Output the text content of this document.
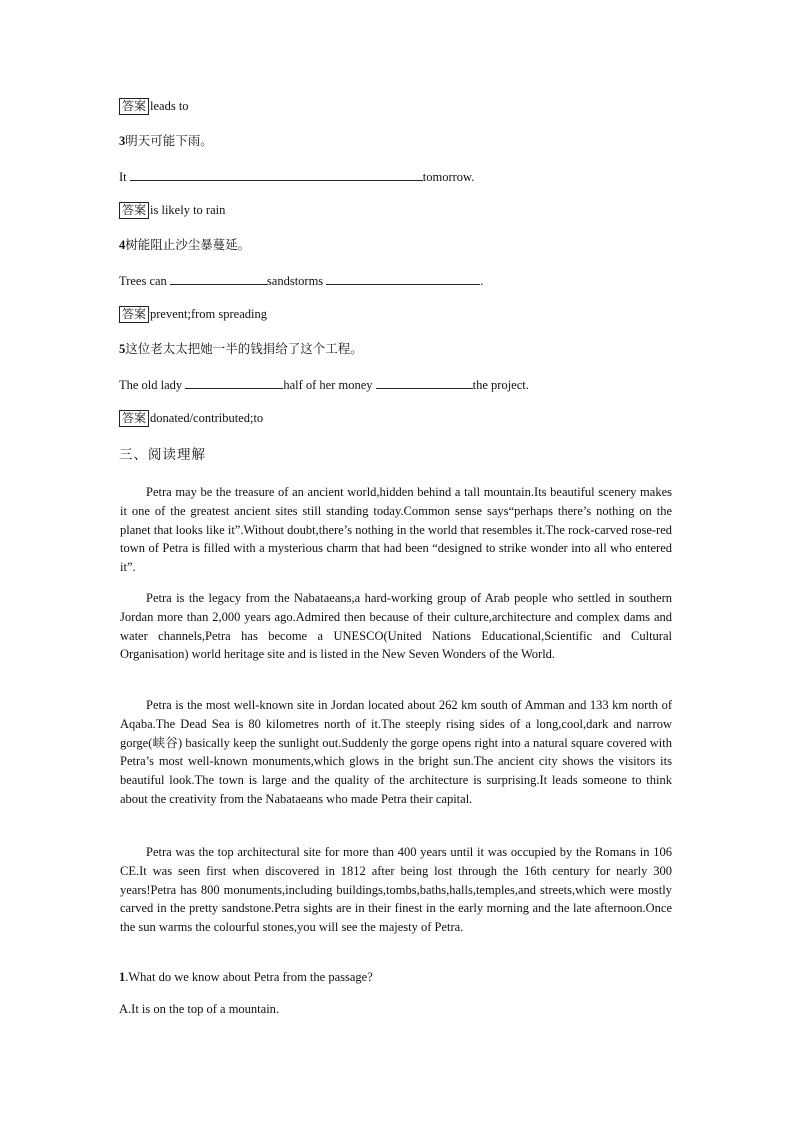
答案 leads to
3明天可能下雨。
It	tomorrow.
答案 is likely to rain
4树能阻止沙尘暴蔓延。
Trees can	sandstorms	.
答案 prevent;from spreading
5这位老太太把她一半的钱捐给了这个工程。
The old lady	half of her money	the project.
答案 donated/contributed;to
三、阅读理解

Petra may be the treasure of an ancient world,hidden behind a tall mountain.Its beautiful scenery makes it one of the greatest ancient sites still standing today.Common sense says“perhaps there’s nothing on the planet that looks like it”.Without doubt,there’s nothing in the world that resembles it.The rock-carved rose-red town of Petra is filled with a mysterious charm that had been “designed to strike wonder into all who entered it”.

Petra is the legacy from the Nabataeans,a hard-working group of Arab people who settled in southern Jordan more than 2,000 years ago.Admired then because of their culture,architecture and complex dams and water channels,Petra has become a UNESCO(United Nations Educational,Scientific and Cultural Organisation) world heritage site and is listed in the New Seven Wonders of the World.

Petra is the most well-known site in Jordan located about 262 km south of Amman and 133 km north of Aqaba.The Dead Sea is 80 kilometres north of it.The steeply rising sides of a long,cool,dark and narrow gorge(峡谷) basically keep the sunlight out.Suddenly the gorge opens right into a natural square covered with Petra’s most well-known monuments,which glows in the bright sun.The ancient city shows the visitors its beautiful look.The town is large and the quality of the architecture is surprising.It leads someone to think about the creativity from the Nabataeans who made Petra their capital.

Petra was the top architectural site for more than 400 years until it was occupied by the Romans in 106 CE.It was seen first when discovered in 1812 after being lost through the 16th century for nearly 300 years!Petra has 800 monuments,including buildings,tombs,baths,halls,temples,and streets,which were mostly carved in the pretty sandstone.Petra sights are in their finest in the early morning and the late afternoon.Once the sun warms the colourful stones,you will see the majesty of Petra.

1.What do we know about Petra from the passage?
A.It is on the top of a mountain.
